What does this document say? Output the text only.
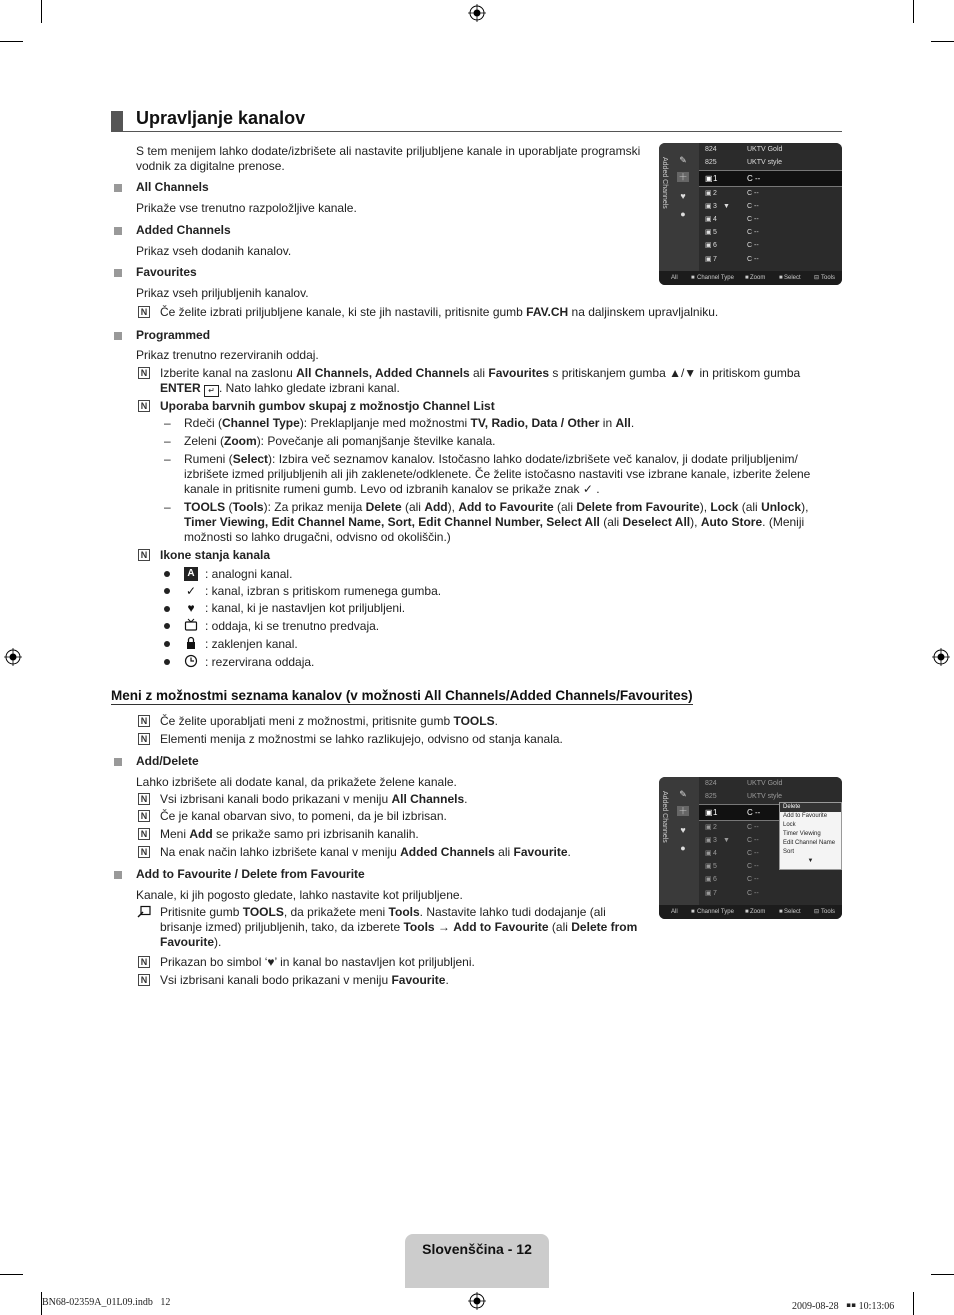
Upravljanje kanalov
S tem menijem lahko dodate/izbrišete ali nastavite priljubljene kanale in uporabljate programski
vodnik za digitalne prenose.
All Channels
Prikaže vse trenutno razpoložljive kanale.
Added Channels
Prikaz vseh dodanih kanalov.
Favourites
Prikaz vseh priljubljenih kanalov.
N Če želite izbrati priljubljene kanale, ki ste jih nastavili, pritisnite gumb FAV.CH na daljinskem upravljalniku.
Programmed
Prikaz trenutno rezerviranih oddaj.
N Izberite kanal na zaslonu All Channels, Added Channels ali Favourites s pritiskanjem gumba ▲/▼ in pritiskom gumba
ENTER ↵ . Nato lahko gledate izbrani kanal.
N Uporaba barvnih gumbov skupaj z možnostjo Channel List
– Rdeči (Channel Type): Preklapljanje med možnostmi TV, Radio, Data / Other in All.
– Zeleni (Zoom): Povečanje ali pomanjšanje številke kanala.
– Rumeni (Select): Izbira več seznamov kanalov. Istočasno lahko dodate/izbrišete več kanalov, ji dodate priljubljenim/
izbrišete izmed priljubljenih ali jih zaklenete/odklenete. Če želite istočasno nastaviti vse izbrane kanale, izberite želene
kanale in pritisnite rumeni gumb. Levo od izbranih kanalov se prikaže znak ✓ .
– TOOLS (Tools): Za prikaz menija Delete (ali Add), Add to Favourite (ali Delete from Favourite), Lock (ali Unlock),
Timer Viewing, Edit Channel Name, Sort, Edit Channel Number, Select All (ali Deselect All), Auto Store. (Meniji
možnosti so lahko drugačni, odvisno od okoliščin.)
N Ikone stanja kanala
A : analogni kanal.
✓ : kanal, izbran s pritiskom rumenega gumba.
♥ : kanal, ki je nastavljen kot priljubljeni.
: oddaja, ki se trenutno predvaja.
: zaklenjen kanal.
: rezervirana oddaja.
Meni z možnostmi seznama kanalov (v možnosti All Channels/Added Channels/Favourites)
N Če želite uporabljati meni z možnostmi, pritisnite gumb TOOLS.
N Elementi menija z možnostmi se lahko razlikujejo, odvisno od stanja kanala.
Add/Delete
Lahko izbrišete ali dodate kanal, da prikažete želene kanale.
N Vsi izbrisani kanali bodo prikazani v meniju All Channels.
N Če je kanal obarvan sivo, to pomeni, da je bil izbrisan.
N Meni Add se prikaže samo pri izbrisanih kanalih.
N Na enak način lahko izbrišete kanal v meniju Added Channels ali Favourite.
Add to Favourite / Delete from Favourite
Kanale, ki jih pogosto gledate, lahko nastavite kot priljubljene.
Pritisnite gumb TOOLS, da prikažete meni Tools. Nastavite lahko tudi dodajanje (ali
brisanje izmed) priljubljenih, tako, da izberete Tools → Add to Favourite (ali Delete from
Favourite).
N Prikazan bo simbol ‘♥’ in kanal bo nastavljen kot priljubljeni.
N Vsi izbrisani kanali bodo prikazani v meniju Favourite.
Added Channels ✎
＋
♥
●
824	UKTV Gold
825	UKTV style
▣ 1	C --
▣ 2	C --
▣ 3 ▼ C --
▣ 4	C --
▣ 5	C --
▣ 6	C --
▣ 7	C --
All ■ Channel Type ■ Zoom ■ Select ⊟ Tools
Added Channels ✎
＋
♥
●
824	UKTV Gold
825	UKTV style
▣ 1	C --
▣ 2	C --
▣ 3 ▼ C --
▣ 4	C --
▣ 5	C --
▣ 6	C --
▣ 7	C --
Delete
Add to Favourite
Lock
Timer Viewing
Edit Channel Name
Sort
▼
All ■ Channel Type ■ Zoom ■ Select ⊟ Tools
Slovenščina - 12
BN68-02359A_01L09.indb   12	2009-08-28   ￭￭ 10:13:06
